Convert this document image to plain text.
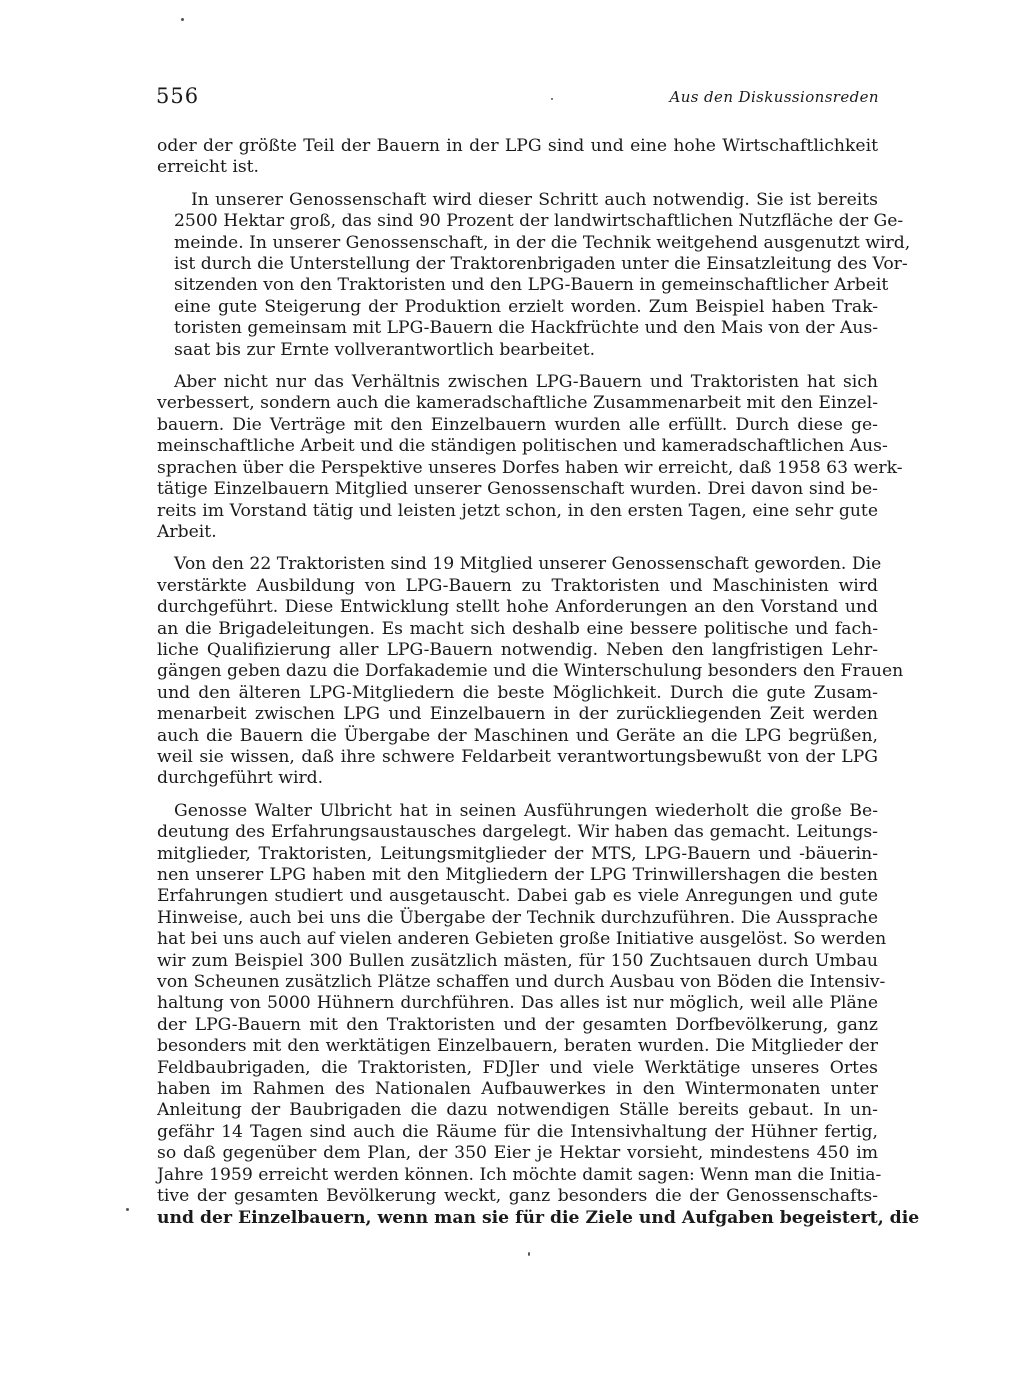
556	Aus den Diskussionsreden

oder der größte Teil der Bauern in der LPG sind und eine hohe Wirtschaftlichkeit
erreicht ist.

In unserer Genossenschaft wird dieser Schritt auch notwendig. Sie ist bereits
2500 Hektar groß, das sind 90 Prozent der landwirtschaftlichen Nutzfläche der Ge-
meinde. In unserer Genossenschaft, in der die Technik weitgehend ausgenutzt wird,
ist durch die Unterstellung der Traktorenbrigaden unter die Einsatzleitung des Vor-
sitzenden von den Traktoristen und den LPG-Bauern in gemeinschaftlicher Arbeit
eine gute Steigerung der Produktion erzielt worden. Zum Beispiel haben Trak-
toristen gemeinsam mit LPG-Bauern die Hackfrüchte und den Mais von der Aus-
saat bis zur Ernte vollverantwortlich bearbeitet.

Aber nicht nur das Verhältnis zwischen LPG-Bauern und Traktoristen hat sich
verbessert, sondern auch die kameradschaftliche Zusammenarbeit mit den Einzel-
bauern. Die Verträge mit den Einzelbauern wurden alle erfüllt. Durch diese ge-
meinschaftliche Arbeit und die ständigen politischen und kameradschaftlichen Aus-
sprachen über die Perspektive unseres Dorfes haben wir erreicht, daß 1958 63 werk-
tätige Einzelbauern Mitglied unserer Genossenschaft wurden. Drei davon sind be-
reits im Vorstand tätig und leisten jetzt schon, in den ersten Tagen, eine sehr gute
Arbeit.

Von den 22 Traktoristen sind 19 Mitglied unserer Genossenschaft geworden. Die
verstärkte Ausbildung von LPG-Bauern zu Traktoristen und Maschinisten wird
durchgeführt. Diese Entwicklung stellt hohe Anforderungen an den Vorstand und
an die Brigadeleitungen. Es macht sich deshalb eine bessere politische und fach-
liche Qualifizierung aller LPG-Bauern notwendig. Neben den langfristigen Lehr-
gängen geben dazu die Dorfakademie und die Winterschulung besonders den Frauen
und den älteren LPG-Mitgliedern die beste Möglichkeit. Durch die gute Zusam-
menarbeit zwischen LPG und Einzelbauern in der zurückliegenden Zeit werden
auch die Bauern die Übergabe der Maschinen und Geräte an die LPG begrüßen,
weil sie wissen, daß ihre schwere Feldarbeit verantwortungsbewußt von der LPG
durchgeführt wird.

Genosse Walter Ulbricht hat in seinen Ausführungen wiederholt die große Be-
deutung des Erfahrungsaustausches dargelegt. Wir haben das gemacht. Leitungs-
mitglieder, Traktoristen, Leitungsmitglieder der MTS, LPG-Bauern und -bäuerin-
nen unserer LPG haben mit den Mitgliedern der LPG Trinwillershagen die besten
Erfahrungen studiert und ausgetauscht. Dabei gab es viele Anregungen und gute
Hinweise, auch bei uns die Übergabe der Technik durchzuführen. Die Aussprache
hat bei uns auch auf vielen anderen Gebieten große Initiative ausgelöst. So werden
wir zum Beispiel 300 Bullen zusätzlich mästen, für 150 Zuchtsauen durch Umbau
von Scheunen zusätzlich Plätze schaffen und durch Ausbau von Böden die Intensiv-
haltung von 5000 Hühnern durchführen. Das alles ist nur möglich, weil alle Pläne
der LPG-Bauern mit den Traktoristen und der gesamten Dorfbevölkerung, ganz
besonders mit den werktätigen Einzelbauern, beraten wurden. Die Mitglieder der
Feldbaubrigaden, die Traktoristen, FDJler und viele Werktätige unseres Ortes
haben im Rahmen des Nationalen Aufbauwerkes in den Wintermonaten unter
Anleitung der Baubrigaden die dazu notwendigen Ställe bereits gebaut. In un-
gefähr 14 Tagen sind auch die Räume für die Intensivhaltung der Hühner fertig,
so daß gegenüber dem Plan, der 350 Eier je Hektar vorsieht, mindestens 450 im
Jahre 1959 erreicht werden können. Ich möchte damit sagen: Wenn man die Initia-
tive der gesamten Bevölkerung weckt, ganz besonders die der Genossenschafts-
und der Einzelbauern, wenn man sie für die Ziele und Aufgaben begeistert, die
